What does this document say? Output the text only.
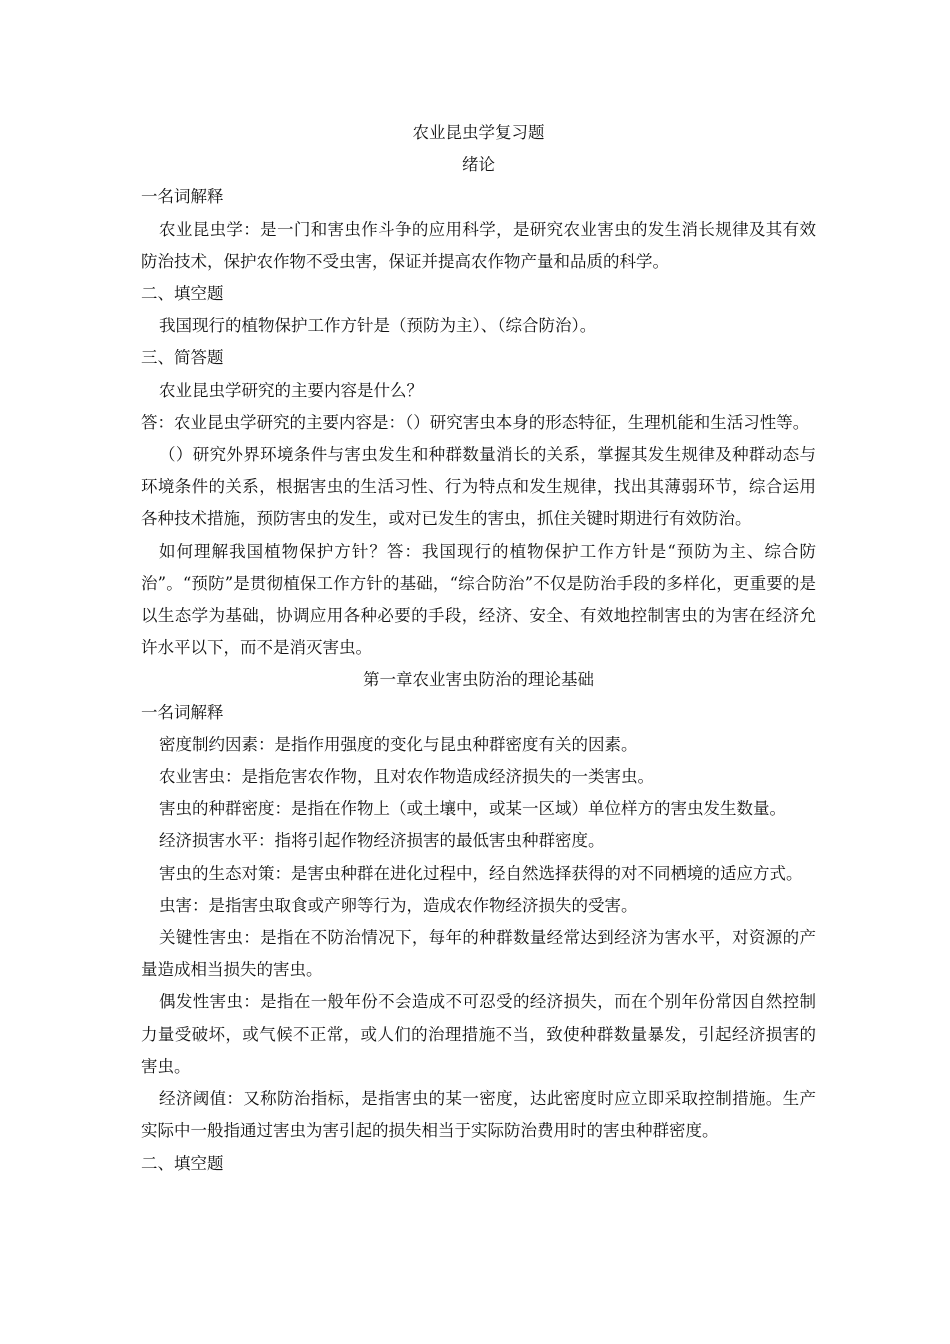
农业昆虫学复习题
绪论
一名词解释
农业昆虫学：是一门和害虫作斗争的应用科学，是研究农业害虫的发生消长规律及其有效防治技术，保护农作物不受虫害，保证并提高农作物产量和品质的科学。
二、填空题
我国现行的植物保护工作方针是（预防为主）、（综合防治）。
三、简答题
农业昆虫学研究的主要内容是什么？
答：农业昆虫学研究的主要内容是：（）研究害虫本身的形态特征，生理机能和生活习性等。
（）研究外界环境条件与害虫发生和种群数量消长的关系，掌握其发生规律及种群动态与环境条件的关系，根据害虫的生活习性、行为特点和发生规律，找出其薄弱环节，综合运用各种技术措施，预防害虫的发生，或对已发生的害虫，抓住关键时期进行有效防治。
如何理解我国植物保护方针？答：我国现行的植物保护工作方针是“预防为主、综合防治”。“预防”是贯彻植保工作方针的基础，“综合防治”不仅是防治手段的多样化，更重要的是以生态学为基础，协调应用各种必要的手段，经济、安全、有效地控制害虫的为害在经济允许水平以下，而不是消灭害虫。
第一章农业害虫防治的理论基础
一名词解释
密度制约因素：是指作用强度的变化与昆虫种群密度有关的因素。
农业害虫：是指危害农作物，且对农作物造成经济损失的一类害虫。
害虫的种群密度：是指在作物上（或土壤中，或某一区域）单位样方的害虫发生数量。
经济损害水平：指将引起作物经济损害的最低害虫种群密度。
害虫的生态对策：是害虫种群在进化过程中，经自然选择获得的对不同栖境的适应方式。
虫害：是指害虫取食或产卵等行为，造成农作物经济损失的受害。
关键性害虫：是指在不防治情况下，每年的种群数量经常达到经济为害水平，对资源的产量造成相当损失的害虫。
偶发性害虫：是指在一般年份不会造成不可忍受的经济损失，而在个别年份常因自然控制力量受破坏，或气候不正常，或人们的治理措施不当，致使种群数量暴发，引起经济损害的害虫。
经济阈值：又称防治指标，是指害虫的某一密度，达此密度时应立即采取控制措施。生产实际中一般指通过害虫为害引起的损失相当于实际防治费用时的害虫种群密度。
二、填空题
